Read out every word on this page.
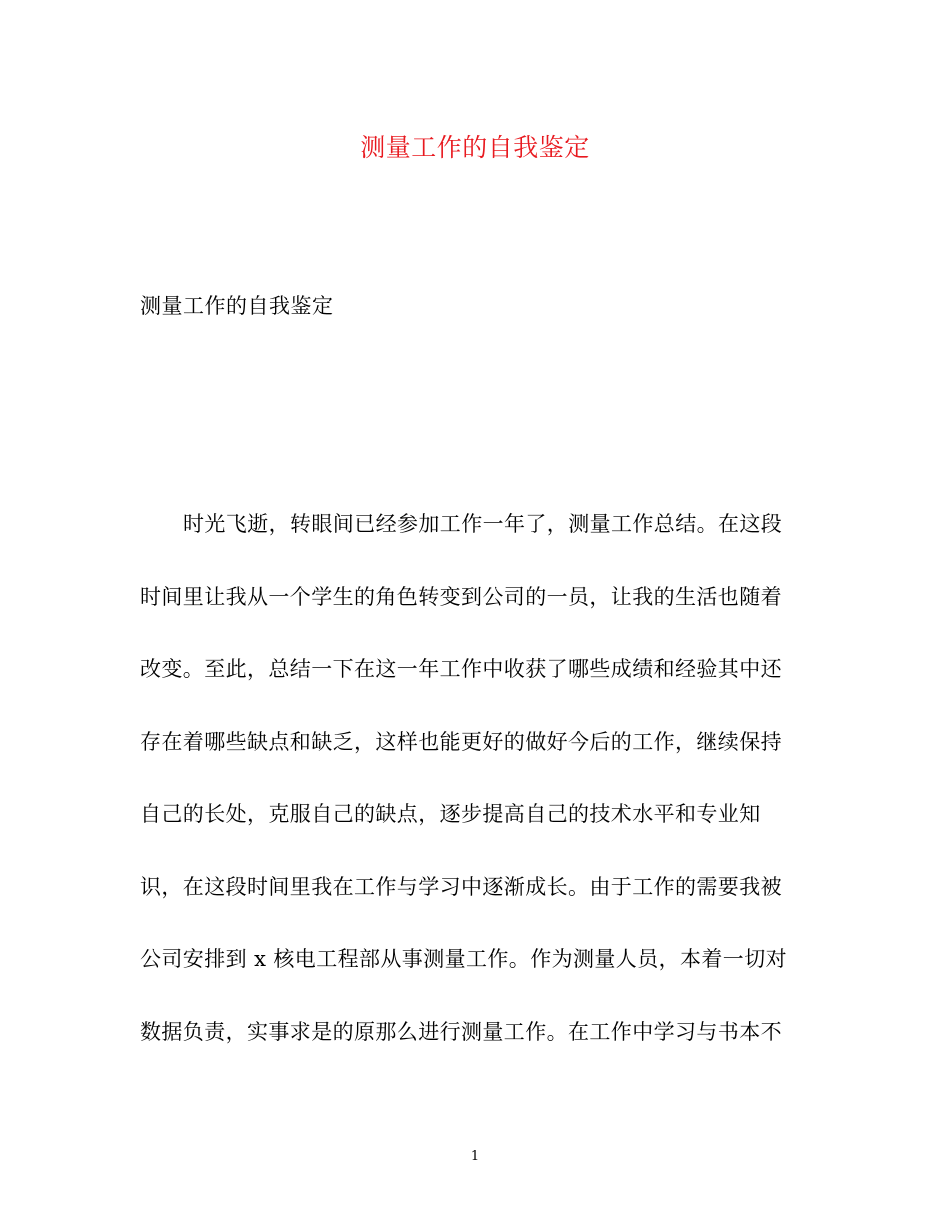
测量工作的自我鉴定
测量工作的自我鉴定
时光飞逝，转眼间已经参加工作一年了，测量工作总结。在这段
时间里让我从一个学生的角色转变到公司的一员，让我的生活也随着
改变。至此，总结一下在这一年工作中收获了哪些成绩和经验其中还
存在着哪些缺点和缺乏，这样也能更好的做好今后的工作，继续保持
自己的长处，克服自己的缺点，逐步提高自己的技术水平和专业知
识，在这段时间里我在工作与学习中逐渐成长。由于工作的需要我被
公司安排到 x 核电工程部从事测量工作。作为测量人员，本着一切对
数据负责，实事求是的原那么进行测量工作。在工作中学习与书本不
1
